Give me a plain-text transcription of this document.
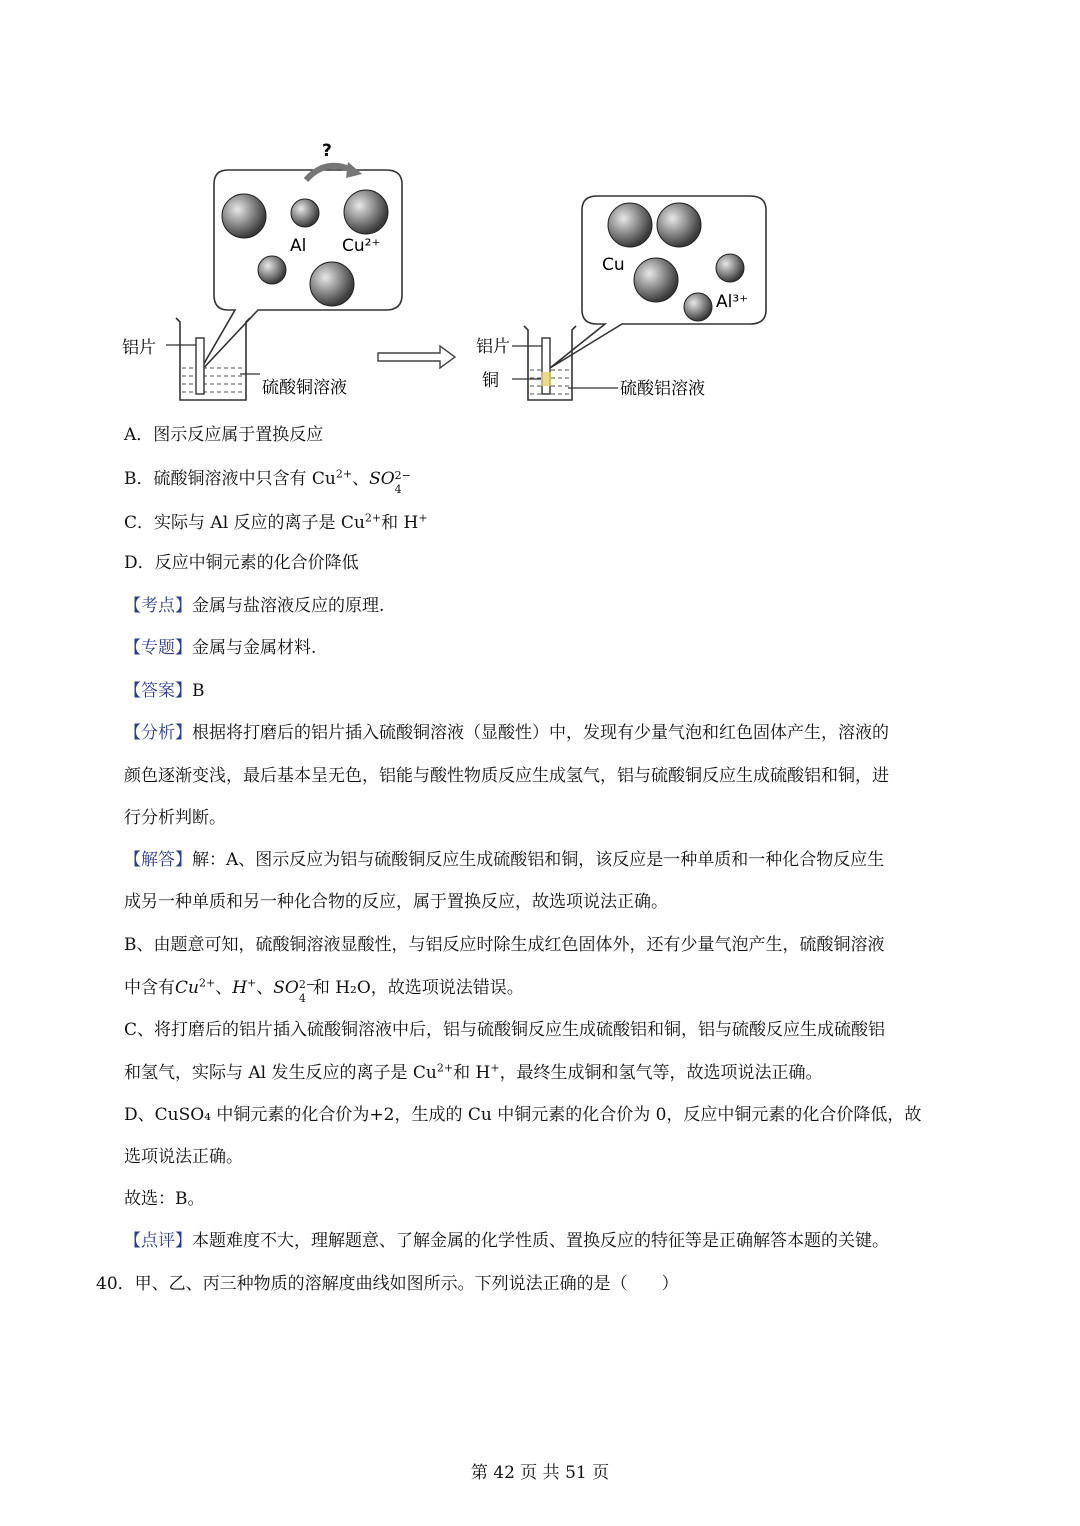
Al Cu²⁺
?
铝片
硫酸铜溶液
Cu
Al³⁺
铝片
铜	硫酸铝溶液
A．图示反应属于置换反应
B．硫酸铜溶液中只含有 $Cu^{2+}$、SO 2−
4
C．实际与 Al 反应的离子是 $Cu^{2+}$和 H+
D．反应中铜元素的化合价降低
【考点】金属与盐溶液反应的原理.
【专题】金属与金属材料.
【答案】B
【分析】根据将打磨后的铝片插入硫酸铜溶液（显酸性）中，发现有少量气泡和红色固体产生，溶液的
颜色逐渐变浅，最后基本呈无色，铝能与酸性物质反应生成氢气，铝与硫酸铜反应生成硫酸铝和铜，进
行分析判断。
【解答】解：A、图示反应为铝与硫酸铜反应生成硫酸铝和铜，该反应是一种单质和一种化合物反应生
成另一种单质和另一种化合物的反应，属于置换反应，故选项说法正确。
B、由题意可知，硫酸铜溶液显酸性，与铝反应时除生成红色固体外，还有少量气泡产生，硫酸铜溶液
中含有$Cu^{2+}$、H+、SO 2−
4 和 H₂O，故选项说法错误。
C、将打磨后的铝片插入硫酸铜溶液中后，铝与硫酸铜反应生成硫酸铝和铜，铝与硫酸反应生成硫酸铝
和氢气，实际与 Al 发生反应的离子是 $Cu^{2+}$和 H+，最终生成铜和氢气等，故选项说法正确。
D、CuSO₄ 中铜元素的化合价为+2，生成的 Cu 中铜元素的化合价为 0，反应中铜元素的化合价降低，故
选项说法正确。
故选：B。
【点评】本题难度不大，理解题意、了解金属的化学性质、置换反应的特征等是正确解答本题的关键。
40．甲、乙、丙三种物质的溶解度曲线如图所示。下列说法正确的是（　　）
第 42 页 共 51 页
